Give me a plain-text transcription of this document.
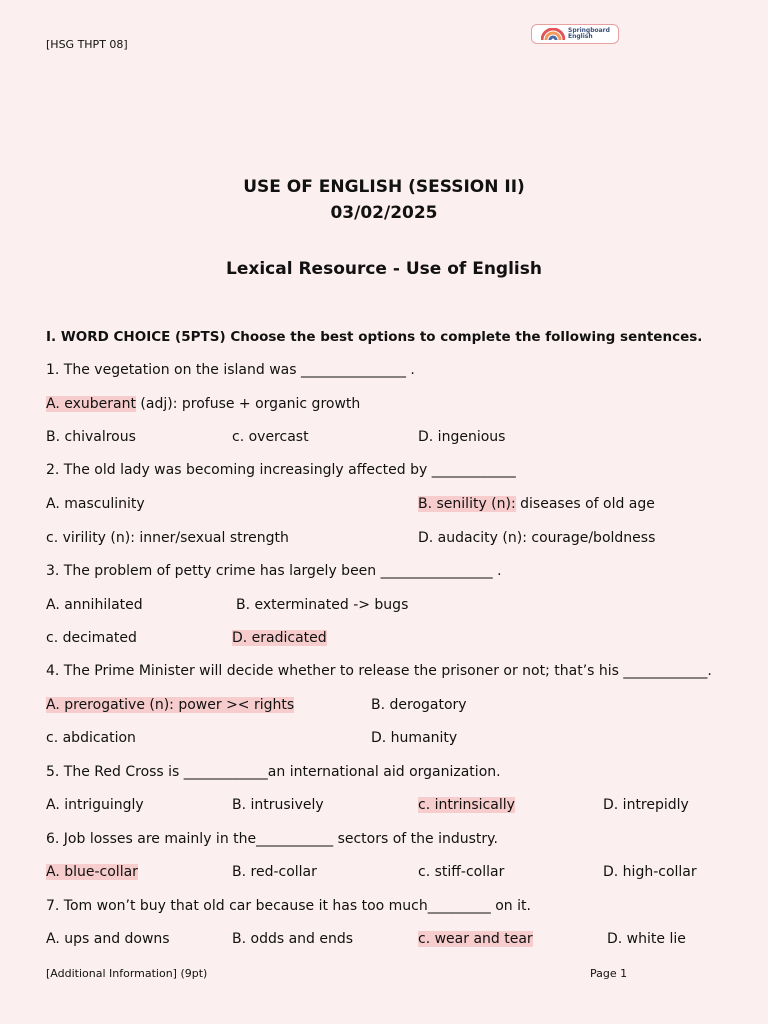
[HSG THPT 08]
Springboard
English
USE OF ENGLISH (SESSION II)
03/02/2025
Lexical Resource - Use of English
I. WORD CHOICE (5PTS) Choose the best options to complete the following sentences.
1. The vegetation on the island was _______________ .
A. exuberant (adj): profuse + organic growth
B. chivalrous	c. overcast	D. ingenious
2. The old lady was becoming increasingly affected by ____________
A. masculinity	B. senility (n): diseases of old age
c. virility (n): inner/sexual strength	D. audacity (n): courage/boldness
3. The problem of petty crime has largely been ________________ .
A. annihilated	B. exterminated -> bugs
c. decimated	D. eradicated
4. The Prime Minister will decide whether to release the prisoner or not; that’s his ____________.
A. prerogative (n): power >< rights	B. derogatory
c. abdication	D. humanity
5. The Red Cross is ____________an international aid organization.
A. intriguingly	B. intrusively	c. intrinsically	D. intrepidly
6. Job losses are mainly in the___________ sectors of the industry.
A. blue-collar	B. red-collar	c. stiff-collar	D. high-collar
7. Tom won’t buy that old car because it has too much_________ on it.
A. ups and downs	B. odds and ends	c. wear and tear	D. white lie
[Additional Information] (9pt)	Page 1
